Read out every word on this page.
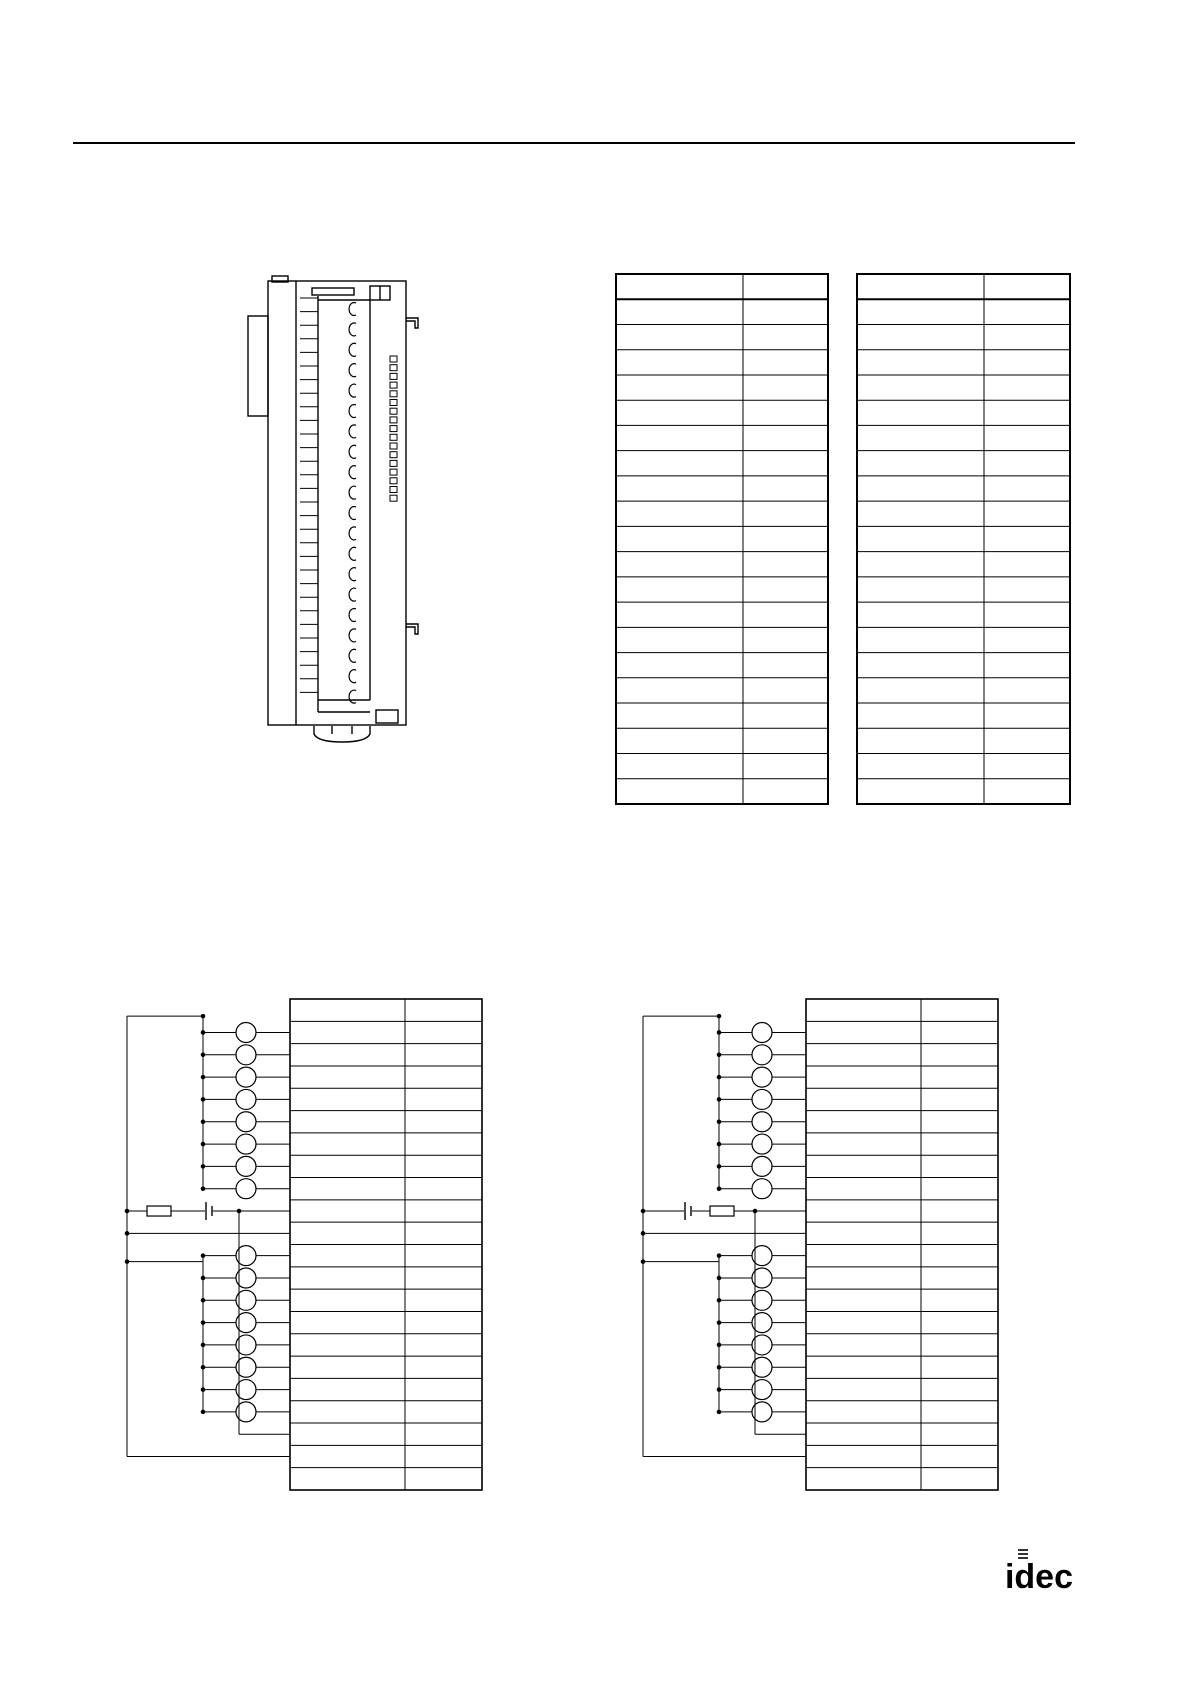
idec
